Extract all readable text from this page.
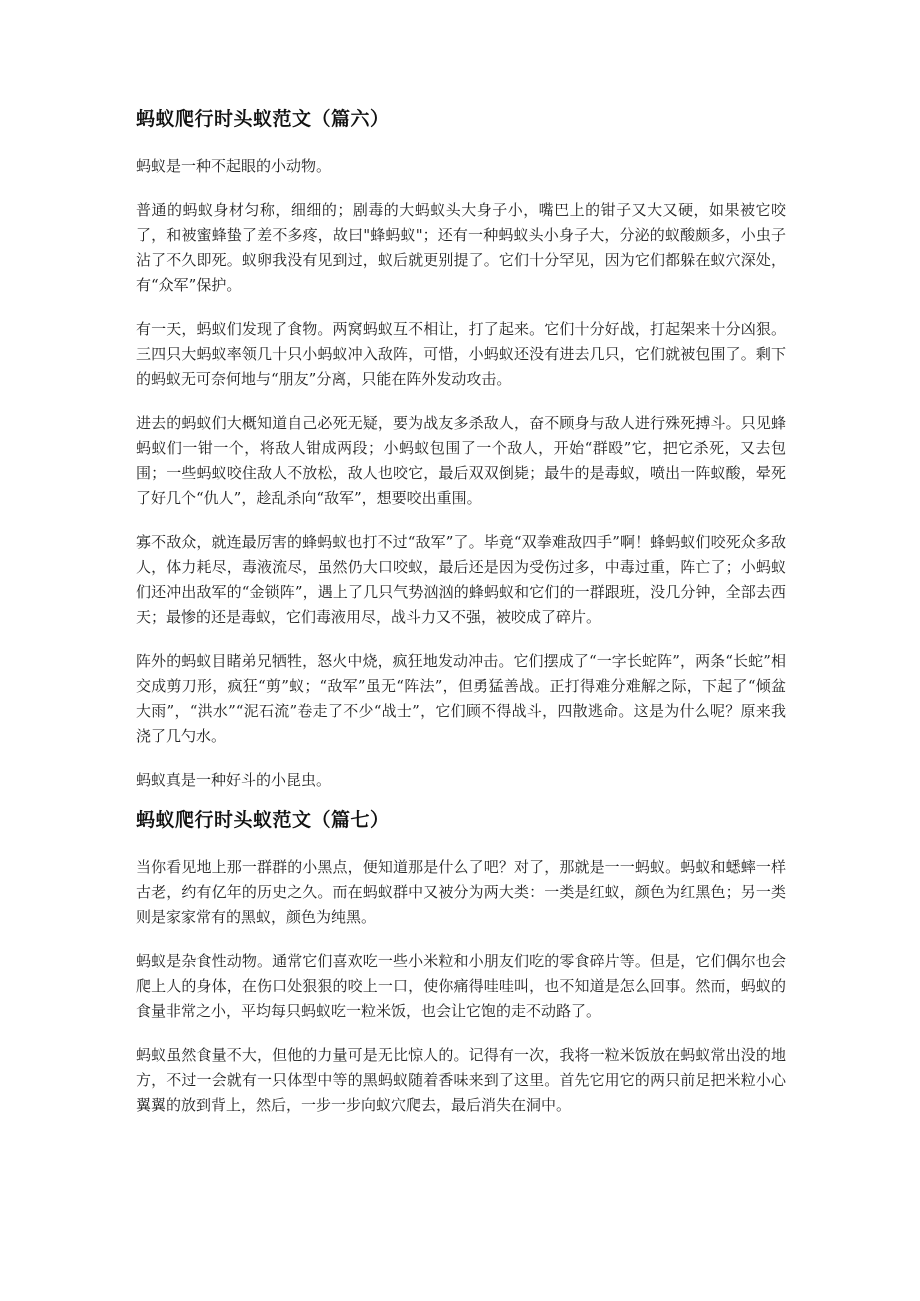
蚂蚁爬行时头蚁范文（篇六）

蚂蚁是一种不起眼的小动物。

普通的蚂蚁身材匀称，细细的；剧毒的大蚂蚁头大身子小，嘴巴上的钳子又大又硬，如果被它咬了，和被蜜蜂蛰了差不多疼，故曰"蜂蚂蚁"；还有一种蚂蚁头小身子大，分泌的蚁酸颇多，小虫子沾了不久即死。蚁卵我没有见到过，蚁后就更别提了。它们十分罕见，因为它们都躲在蚁穴深处，有“众军”保护。

有一天，蚂蚁们发现了食物。两窝蚂蚁互不相让，打了起来。它们十分好战，打起架来十分凶狠。三四只大蚂蚁率领几十只小蚂蚁冲入敌阵，可惜，小蚂蚁还没有进去几只，它们就被包围了。剩下的蚂蚁无可奈何地与“朋友”分离，只能在阵外发动攻击。

进去的蚂蚁们大概知道自己必死无疑，要为战友多杀敌人，奋不顾身与敌人进行殊死搏斗。只见蜂蚂蚁们一钳一个，将敌人钳成两段；小蚂蚁包围了一个敌人，开始“群殴”它，把它杀死，又去包围；一些蚂蚁咬住敌人不放松，敌人也咬它，最后双双倒毙；最牛的是毒蚁，喷出一阵蚁酸，晕死了好几个“仇人”，趁乱杀向“敌军”，想要咬出重围。

寡不敌众，就连最厉害的蜂蚂蚁也打不过“敌军”了。毕竟“双拳难敌四手”啊！蜂蚂蚁们咬死众多敌人，体力耗尽，毒液流尽，虽然仍大口咬蚁，最后还是因为受伤过多，中毒过重，阵亡了；小蚂蚁们还冲出敌军的“金锁阵”，遇上了几只气势汹汹的蜂蚂蚁和它们的一群跟班，没几分钟，全部去西天；最惨的还是毒蚁，它们毒液用尽，战斗力又不强，被咬成了碎片。

阵外的蚂蚁目睹弟兄牺牲，怒火中烧，疯狂地发动冲击。它们摆成了“一字长蛇阵”，两条“长蛇”相交成剪刀形，疯狂“剪”蚁；“敌军”虽无“阵法”，但勇猛善战。正打得难分难解之际，下起了“倾盆大雨”，“洪水”“泥石流”卷走了不少“战士”，它们顾不得战斗，四散逃命。这是为什么呢？原来我浇了几勺水。

蚂蚁真是一种好斗的小昆虫。

蚂蚁爬行时头蚁范文（篇七）

当你看见地上那一群群的小黑点，便知道那是什么了吧？对了，那就是一一蚂蚁。蚂蚁和蟋蟀一样古老，约有亿年的历史之久。而在蚂蚁群中又被分为两大类：一类是红蚁，颜色为红黑色；另一类则是家家常有的黑蚁，颜色为纯黑。

蚂蚁是杂食性动物。通常它们喜欢吃一些小米粒和小朋友们吃的零食碎片等。但是，它们偶尔也会爬上人的身体，在伤口处狠狠的咬上一口，使你痛得哇哇叫，也不知道是怎么回事。然而，蚂蚁的食量非常之小，平均每只蚂蚁吃一粒米饭，也会让它饱的走不动路了。

蚂蚁虽然食量不大，但他的力量可是无比惊人的。记得有一次，我将一粒米饭放在蚂蚁常出没的地方，不过一会就有一只体型中等的黑蚂蚁随着香味来到了这里。首先它用它的两只前足把米粒小心翼翼的放到背上，然后，一步一步向蚁穴爬去，最后消失在洞中。
